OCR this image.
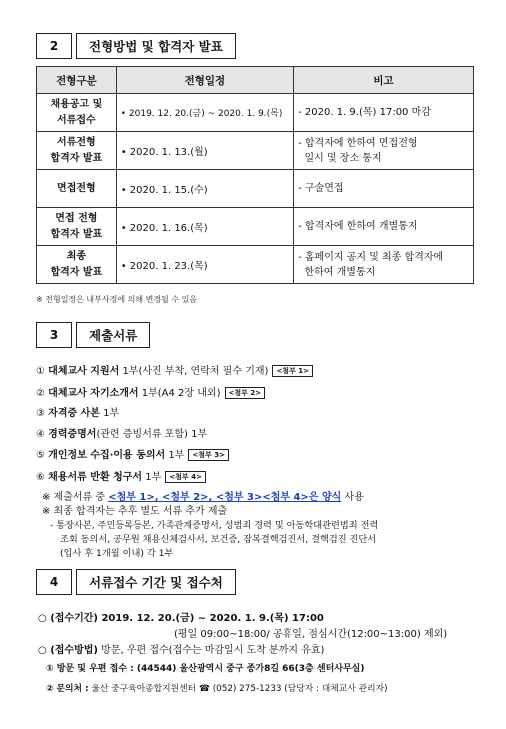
2	전형방법 및 합격자 발표
전형구분	전형일정	비고
채용공고 및
서류접수	• 2019. 12. 20.(금) ~ 2020. 1. 9.(목)	- 2020. 1. 9.(목) 17:00 마감
서류전형
합격자 발표	• 2020. 1. 13.(월)	- 합격자에 한하여 면접전형
일시 및 장소 통지
면접전형	• 2020. 1. 15.(수)	- 구술면접
면접 전형
합격자 발표	• 2020. 1. 16.(목)	- 합격자에 한하여 개별통지
최종
합격자 발표	• 2020. 1. 23.(목)	- 홈페이지 공지 및 최종 합격자에
한하여 개별통지
※ 전형일정은 내부사정에 의해 변경될 수 있음
3	제출서류
① 대체교사 지원서 1부(사진 부착, 연락처 필수 기재) <첨부 1>
② 대체교사 자기소개서 1부(A4 2장 내외) <첨부 2>
③ 자격증 사본 1부
④ 경력증명서(관련 증빙서류 포함) 1부
⑤ 개인정보 수집·이용 동의서 1부 <첨부 3>
⑥ 채용서류 반환 청구서 1부 <첨부 4>
※ 제출서류 중 <첨부 1>, <첨부 2>, <첨부 3><첨부 4>은 양식 사용
※ 최종 합격자는 추후 별도 서류 추가 제출
- 통장사본, 주민등록등본, 가족관계증명서, 성범죄 경력 및 아동학대관련범죄 전력
조회 동의서, 공무원 채용신체검사서, 보건증, 잠복결핵검진서, 결핵검진 진단서
(입사 후 1개월 이내) 각 1부
4	서류접수 기간 및 접수처
○ (접수기간) 2019. 12. 20.(금) ~ 2020. 1. 9.(목) 17:00
(평일 09:00~18:00/ 공휴일, 점심시간(12:00~13:00) 제외)
○ (접수방법) 방문, 우편 접수(접수는 마감일시 도착 분까지 유효)
① 방문 및 우편 접수 : (44544) 울산광역시 중구 종가8길 66(3층 센터사무실)
② 문의처 : 울산 중구육아종합지원센터 ☎ (052) 275-1233 (담당자 : 대체교사 관리자)
